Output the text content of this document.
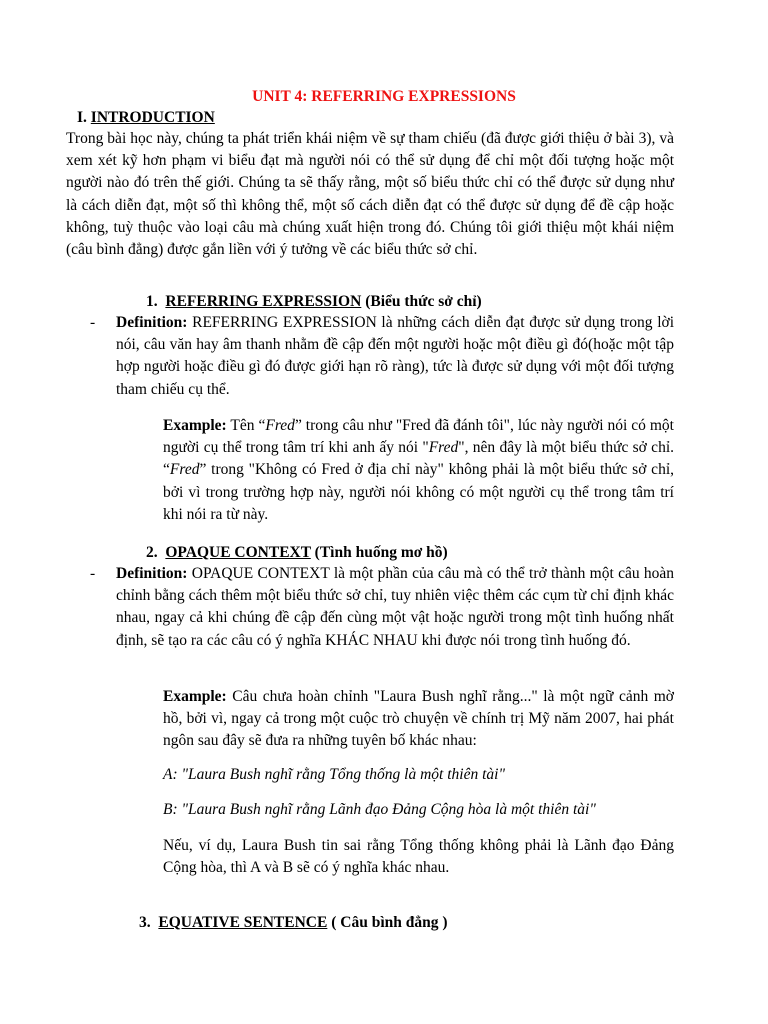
UNIT 4: REFERRING EXPRESSIONS
I. INTRODUCTION
Trong bài học này, chúng ta phát triển khái niệm về sự tham chiếu (đã được giới thiệu ở bài 3), và xem xét kỹ hơn phạm vi biểu đạt mà người nói có thể sử dụng để chỉ một đối tượng hoặc một người nào đó trên thế giới. Chúng ta sẽ thấy rằng, một số biểu thức chỉ có thể được sử dụng như là cách diễn đạt, một số thì không thể, một số cách diễn đạt có thể được sử dụng để đề cập hoặc không, tuỳ thuộc vào loại câu mà chúng xuất hiện trong đó. Chúng tôi giới thiệu một khái niệm (câu bình đẳng) được gắn liền với ý tưởng về các biểu thức sở chỉ.
1. REFERRING EXPRESSION (Biểu thức sở chỉ)
- Definition: REFERRING EXPRESSION là những cách diễn đạt được sử dụng trong lời nói, câu văn hay âm thanh nhằm đề cập đến một người hoặc một điều gì đó(hoặc một tập hợp người hoặc điều gì đó được giới hạn rõ ràng), tức là được sử dụng với một đối tượng tham chiếu cụ thể.
Example: Tên “Fred” trong câu như "Fred đã đánh tôi", lúc này người nói có một người cụ thể trong tâm trí khi anh ấy nói "Fred", nên đây là một biểu thức sở chỉ. “Fred” trong "Không có Fred ở địa chỉ này" không phải là một biểu thức sở chỉ, bởi vì trong trường hợp này, người nói không có một người cụ thể trong tâm trí khi nói ra từ này.
2. OPAQUE CONTEXT (Tình huống mơ hồ)
- Definition: OPAQUE CONTEXT là một phần của câu mà có thể trở thành một câu hoàn chỉnh bằng cách thêm một biểu thức sở chỉ, tuy nhiên việc thêm các cụm từ chỉ định khác nhau, ngay cả khi chúng đề cập đến cùng một vật hoặc người trong một tình huống nhất định, sẽ tạo ra các câu có ý nghĩa KHÁC NHAU khi được nói trong tình huống đó.
Example: Câu chưa hoàn chỉnh "Laura Bush nghĩ rằng..." là một ngữ cảnh mờ hồ, bởi vì, ngay cả trong một cuộc trò chuyện về chính trị Mỹ năm 2007, hai phát ngôn sau đây sẽ đưa ra những tuyên bố khác nhau:
A: "Laura Bush nghĩ rằng Tổng thống là một thiên tài"
B: "Laura Bush nghĩ rằng Lãnh đạo Đảng Cộng hòa là một thiên tài"
Nếu, ví dụ, Laura Bush tin sai rằng Tổng thống không phải là Lãnh đạo Đảng Cộng hòa, thì A và B sẽ có ý nghĩa khác nhau.
3. EQUATIVE SENTENCE ( Câu bình đẳng )
